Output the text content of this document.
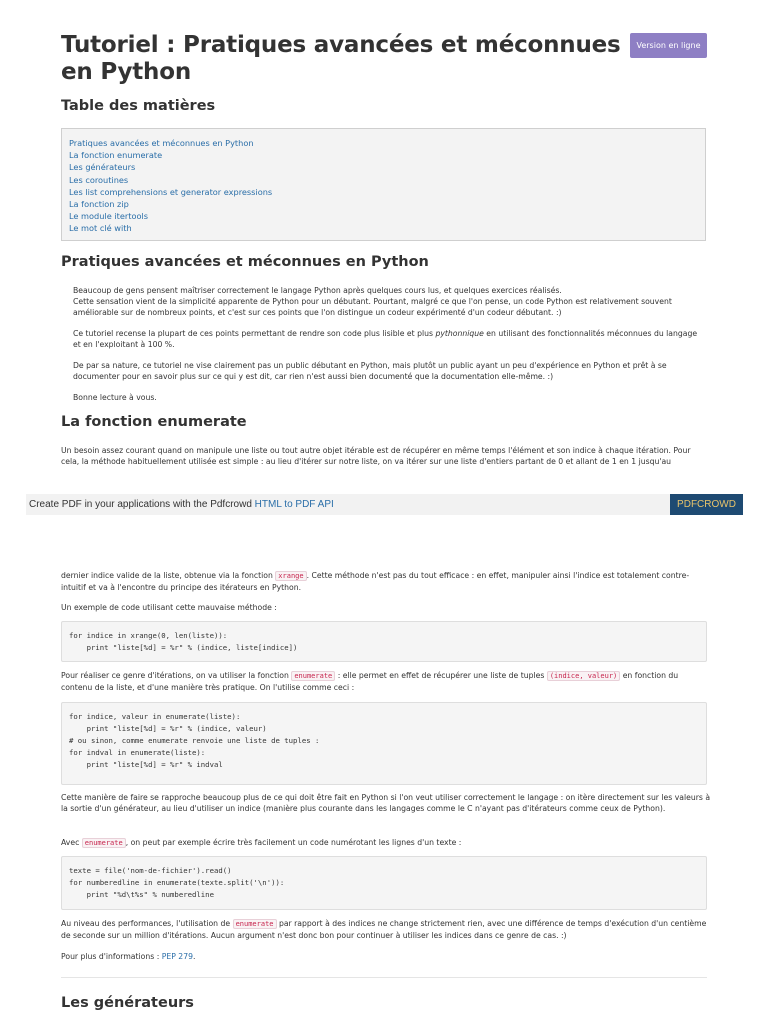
Tutoriel : Pratiques avancées et méconnues en Python
Version en ligne
Table des matières
Pratiques avancées et méconnues en Python
La fonction enumerate
Les générateurs
Les coroutines
Les list comprehensions et generator expressions
La fonction zip
Le module itertools
Le mot clé with
Pratiques avancées et méconnues en Python

Beaucoup de gens pensent maîtriser correctement le langage Python après quelques cours lus, et quelques exercices réalisés.
Cette sensation vient de la simplicité apparente de Python pour un débutant. Pourtant, malgré ce que l'on pense, un code Python est relativement souvent améliorable sur de nombreux points, et c'est sur ces points que l'on distingue un codeur expérimenté d'un codeur débutant. :)

Ce tutoriel recense la plupart de ces points permettant de rendre son code plus lisible et plus pythonnique en utilisant des fonctionnalités méconnues du langage et en l'exploitant à 100 %.

De par sa nature, ce tutoriel ne vise clairement pas un public débutant en Python, mais plutôt un public ayant un peu d'expérience en Python et prêt à se documenter pour en savoir plus sur ce qui y est dit, car rien n'est aussi bien documenté que la documentation elle-même. :)

Bonne lecture à vous.

La fonction enumerate

Un besoin assez courant quand on manipule une liste ou tout autre objet itérable est de récupérer en même temps l'élément et son indice à chaque itération. Pour cela, la méthode habituellement utilisée est simple : au lieu d'itérer sur notre liste, on va itérer sur une liste d'entiers partant de 0 et allant de 1 en 1 jusqu'au

Create PDF in your applications with the Pdfcrowd HTML to PDF API	PDFCROWD

dernier indice valide de la liste, obtenue via la fonction xrange . Cette méthode n'est pas du tout efficace : en effet, manipuler ainsi l'indice est totalement contre-intuitif et va à l'encontre du principe des itérateurs en Python.

Un exemple de code utilisant cette mauvaise méthode :

for indice in xrange(0, len(liste)):
print "liste[%d] = %r" % (indice, liste[indice])

Pour réaliser ce genre d'itérations, on va utiliser la fonction enumerate : elle permet en effet de récupérer une liste de tuples (indice, valeur) en fonction du contenu de la liste, et d'une manière très pratique. On l'utilise comme ceci :

for indice, valeur in enumerate(liste):
print "liste[%d] = %r" % (indice, valeur)
# ou sinon, comme enumerate renvoie une liste de tuples :
for indval in enumerate(liste):
print "liste[%d] = %r" % indval

Cette manière de faire se rapproche beaucoup plus de ce qui doit être fait en Python si l'on veut utiliser correctement le langage : on itère directement sur les valeurs à la sortie d'un générateur, au lieu d'utiliser un indice (manière plus courante dans les langages comme le C n'ayant pas d'itérateurs comme ceux de Python).

Avec enumerate , on peut par exemple écrire très facilement un code numérotant les lignes d'un texte :

texte = file('nom-de-fichier').read()
for numberedline in enumerate(texte.split('\n')):
print "%d\t%s" % numberedline

Au niveau des performances, l'utilisation de enumerate par rapport à des indices ne change strictement rien, avec une différence de temps d'exécution d'un centième de seconde sur un million d'itérations. Aucun argument n'est donc bon pour continuer à utiliser les indices dans ce genre de cas. :)

Pour plus d'informations : PEP 279.

Les générateurs
